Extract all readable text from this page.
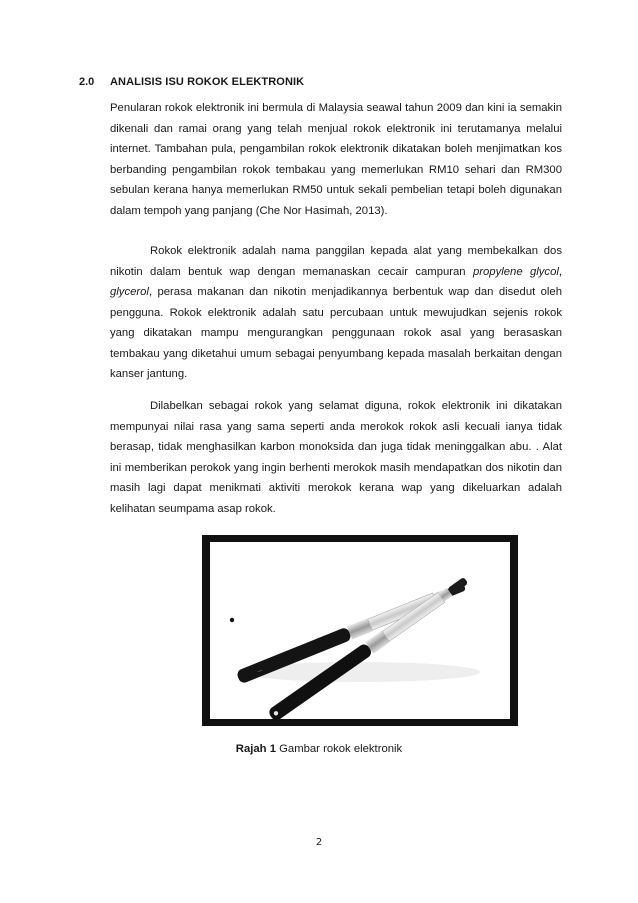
2.0 ANALISIS ISU ROKOK ELEKTRONIK

Penularan rokok elektronik ini bermula di Malaysia seawal tahun 2009 dan kini ia semakin dikenali dan ramai orang yang telah menjual rokok elektronik ini terutamanya melalui internet. Tambahan pula, pengambilan rokok elektronik dikatakan boleh menjimatkan kos berbanding pengambilan rokok tembakau yang memerlukan RM10 sehari dan RM300 sebulan kerana hanya memerlukan RM50 untuk sekali pembelian tetapi boleh digunakan dalam tempoh yang panjang (Che Nor Hasimah, 2013).

Rokok elektronik adalah nama panggilan kepada alat yang membekalkan dos nikotin dalam bentuk wap dengan memanaskan cecair campuran propylene glycol, glycerol, perasa makanan dan nikotin menjadikannya berbentuk wap dan disedut oleh pengguna. Rokok elektronik adalah satu percubaan untuk mewujudkan sejenis rokok yang dikatakan mampu mengurangkan penggunaan rokok asal yang berasaskan tembakau yang diketahui umum sebagai penyumbang kepada masalah berkaitan dengan kanser jantung.

Dilabelkan sebagai rokok yang selamat diguna, rokok elektronik ini dikatakan mempunyai nilai rasa yang sama seperti anda merokok rokok asli kecuali ianya tidak berasap, tidak menghasilkan karbon monoksida dan juga tidak meninggalkan abu. . Alat ini memberikan perokok yang ingin berhenti merokok masih mendapatkan dos nikotin dan masih lagi dapat menikmati aktiviti merokok kerana wap yang dikeluarkan adalah kelihatan seumpama asap rokok.

—
Rajah 1 Gambar rokok elektronik
2
